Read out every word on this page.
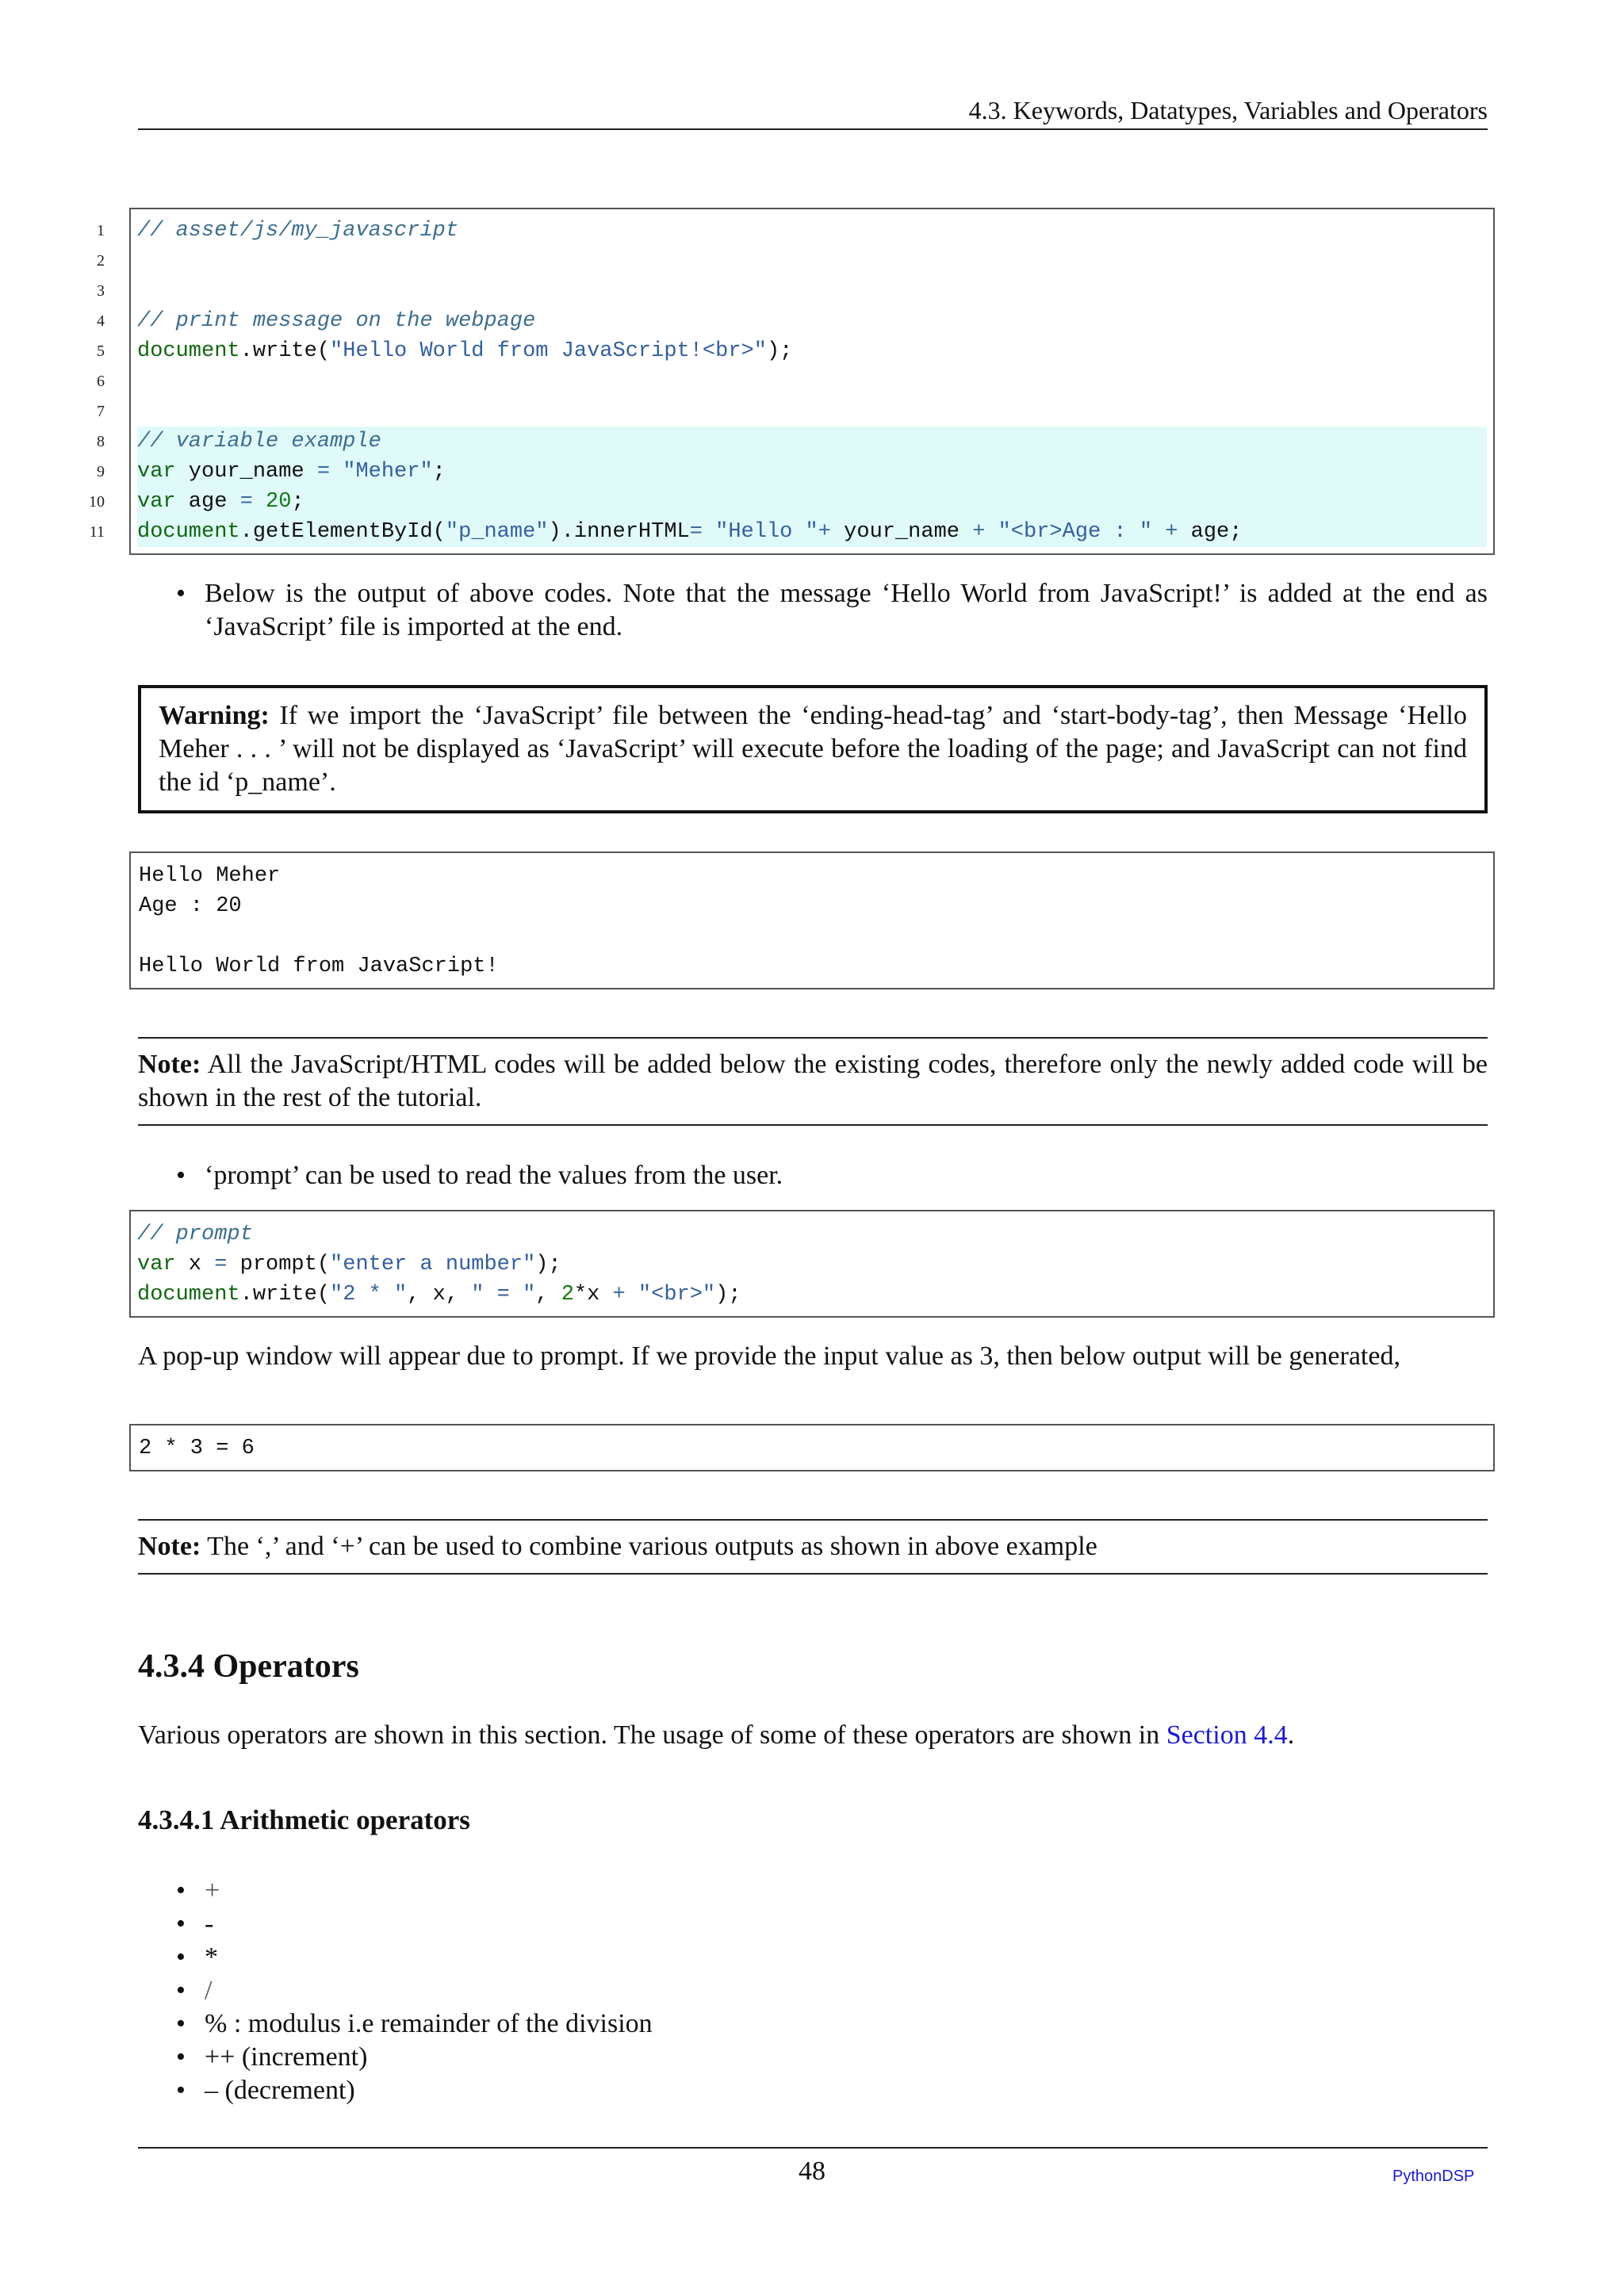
4.3. Keywords, Datatypes, Variables and Operators
1
2
3
4
5
6
7
8
9
10
11
// asset/js/my_javascript
// print message on the webpage
document.write("Hello World from JavaScript!<br>");
// variable example
var your_name = "Meher";
var age = 20;
document.getElementById("p_name").innerHTML= "Hello "+ your_name + "<br>Age : " + age;
• Below is the output of above codes. Note that the message ‘Hello World from JavaScript!’ is added at the end as ‘JavaScript’ file is imported at the end.
Warning: If we import the ‘JavaScript’ file between the ‘ending-head-tag’ and ‘start-body-tag’, then Message ‘Hello Meher . . . ’ will not be displayed as ‘JavaScript’ will execute before the loading of the page; and JavaScript can not find the id ‘p_name’.
Hello Meher
Age : 20
Hello World from JavaScript!
Note: All the JavaScript/HTML codes will be added below the existing codes, therefore only the newly added code will be shown in the rest of the tutorial.
• ‘prompt’ can be used to read the values from the user.
// prompt
var x = prompt("enter a number");
document.write("2 * ", x, " = ", 2*x + "<br>");
A pop-up window will appear due to prompt. If we provide the input value as 3, then below output will be generated,
2 * 3 = 6
Note: The ‘,’ and ‘+’ can be used to combine various outputs as shown in above example
4.3.4 Operators
Various operators are shown in this section. The usage of some of these operators are shown in Section 4.4.
4.3.4.1 Arithmetic operators
• +
• -
• *
• /
• % : modulus i.e remainder of the division
• ++ (increment)
• – (decrement)
48	PythonDSP
